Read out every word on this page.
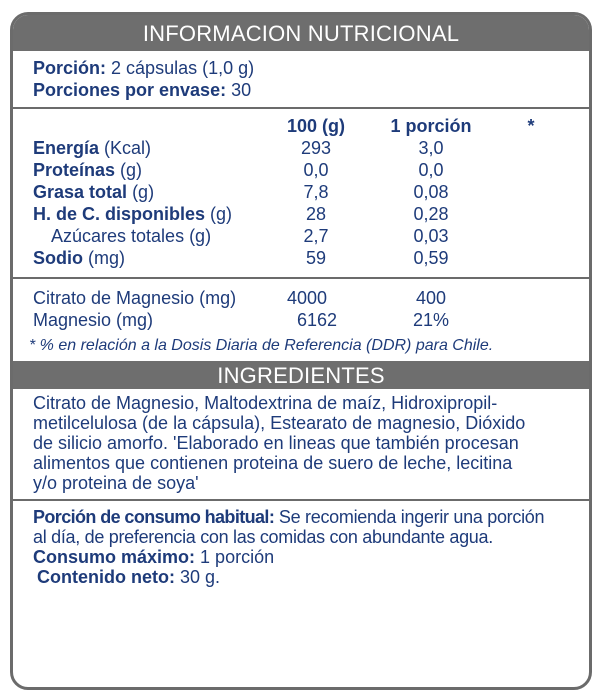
INFORMACION NUTRICIONAL
Porción: 2 cápsulas (1,0 g)
Porciones por envase: 30
100 (g)	1 porción	*
Energía (Kcal)	293	3,0
Proteínas (g)	0,0	0,0
Grasa total (g)	7,8	0,08
H. de C. disponibles (g)	28	0,28
Azúcares totales (g)	2,7	0,03
Sodio (mg)	59	0,59
Citrato de Magnesio (mg)	4000	400
Magnesio (mg)	6162	21%
* % en relación a la Dosis Diaria de Referencia (DDR) para Chile.
INGREDIENTES
Citrato de Magnesio, Maltodextrina de maíz, Hidroxipropil-
metilcelulosa (de la cápsula), Estearato de magnesio, Dióxido
de silicio amorfo. 'Elaborado en lineas que también procesan
alimentos que contienen proteina de suero de leche, lecitina
y/o proteina de soya'
Porción de consumo habitual: Se recomienda ingerir una porción
al día, de preferencia con las comidas con abundante agua.
Consumo máximo: 1 porción
Contenido neto: 30 g.
